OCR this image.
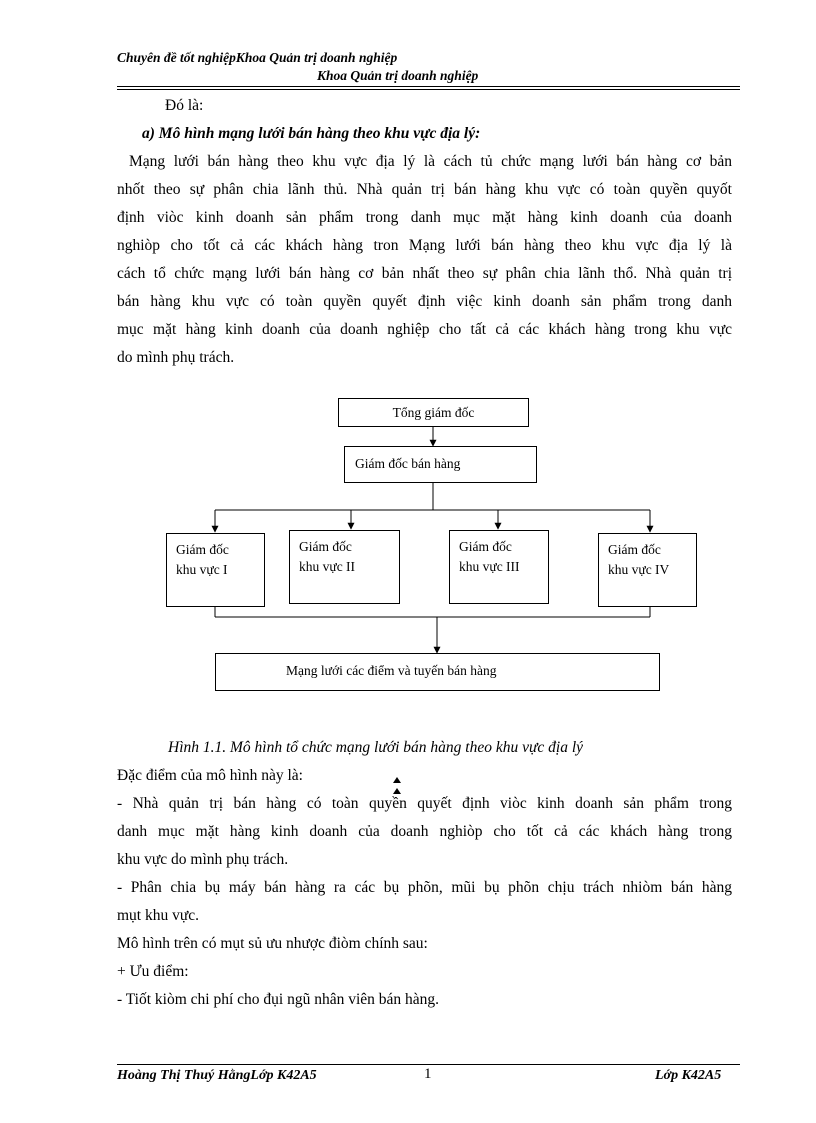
Chuyên đề tốt nghiệpKhoa Quản trị doanh nghiệp
Khoa Quản trị doanh nghiệp
Đó là:
a) Mô hình mạng lưới bán hàng theo khu vực địa lý:
Mạng lưới bán hàng theo khu vực địa lý là cách tủ chức mạng lưới bán hàng cơ bản
nhốt theo sự phân chia lãnh thủ. Nhà quản trị bán hàng khu vực có toàn quyền quyốt
định viòc kinh doanh sản phẩm trong danh mục mặt hàng kinh doanh của doanh
nghiòp cho tốt cả các khách hàng tron Mạng lưới bán hàng theo khu vực địa lý là
cách tổ chức mạng lưới bán hàng cơ bản nhất theo sự phân chia lãnh thổ. Nhà quản trị
bán hàng khu vực có toàn quyền quyết định việc kinh doanh sản phẩm trong danh
mục mặt hàng kinh doanh của doanh nghiệp cho tất cả các khách hàng trong khu vực
do mình phụ trách.
Tổng giám đốc
Giám đốc bán hàng
Giám đốc
khu vực I
Giám đốc
khu vực II
Giám đốc
khu vực III
Giám đốc
khu vực IV
Mạng lưới các điểm và tuyến bán hàng
Hình 1.1. Mô hình tổ chức mạng lưới bán hàng theo khu vực địa lý
Đặc điểm của mô hình này là:
- Nhà quản trị bán hàng có toàn quyền quyết định viòc kinh doanh sản phẩm trong
danh mục mặt hàng kinh doanh của doanh nghiòp cho tốt cả các khách hàng trong
khu vực do mình phụ trách.
- Phân chia bụ máy bán hàng ra các bụ phõn, mũi bụ phõn chịu trách nhiòm bán hàng
mụt khu vực.
Mô hình trên có mụt sủ ưu nhược điòm chính sau:
+ Ưu điểm:
- Tiốt kiòm chi phí cho đụi ngũ nhân viên bán hàng.
Hoàng Thị Thuý HằngLớp K42A5	1	Lớp K42A5
